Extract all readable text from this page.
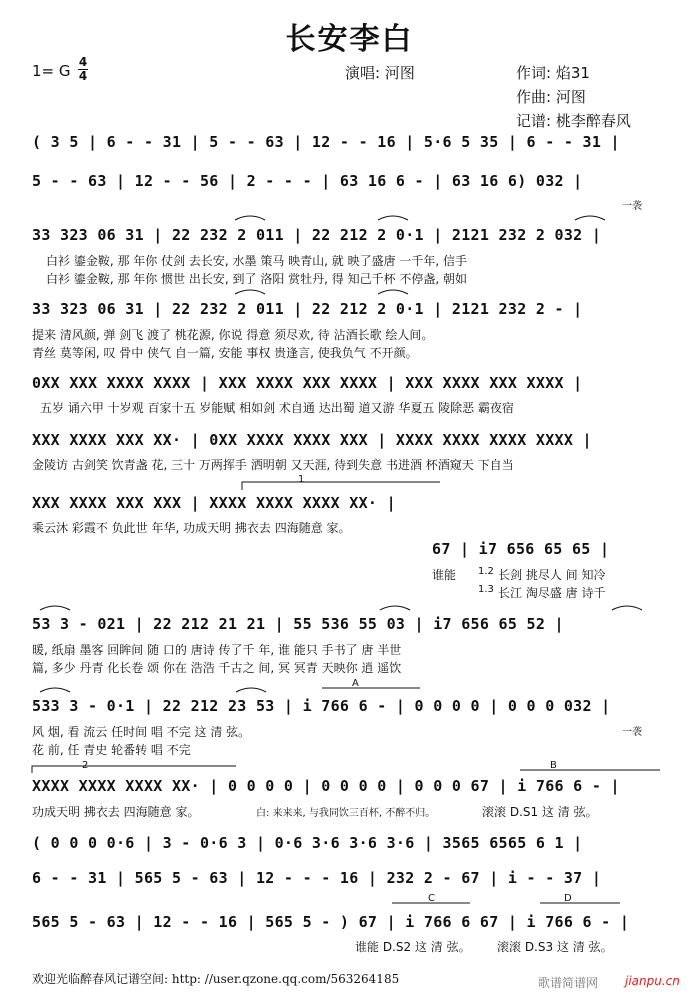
长安李白
1= G 4
4	演唱: 河图	作词: 焰31
作曲: 河图
记谱: 桃李醉春风
( 3 5 | 6 - - 31 | 5 - - 63 | 12 - - 16 | 5·6 5 35 | 6 - - 31 |
5 - - 63 | 12 - - 56 | 2 - - - | 63 16 6 - | 63 16 6) 032 |
一袭
33 323 06 31 | 22 232 2 011 | 22 212 2 0·1 | 2121 232 2 032 |
白衫 鎏金鞍, 那 年你 仗剑 去长安, 水墨 策马 映青山, 就 映了盛唐 一千年, 信手
白衫 鎏金鞍, 那 年你 惯世 出长安, 到了 洛阳 赏牡丹, 得 知己千杯 不停盏, 朝如
33 323 06 31 | 22 232 2 011 | 22 212 2 0·1 | 2121 232 2 - |
提来 清风颜, 弹 剑飞 渡了 桃花源, 你说 得意 须尽欢, 待 沾酒长歌 绘人间。
青丝 莫等闲, 叹 骨中 侠气 自一篇, 安能 事权 贵逢言, 使我负气 不开颜。
0XX XXX XXXX XXXX | XXX XXXX XXX XXXX | XXX XXXX XXX XXXX |
五岁 诵六甲 十岁观 百家十五 岁能赋 相如剑 术自通 达出蜀 道又游 华夏五 陵除恶 霸夜宿
XXX XXXX XXX XX· | 0XX XXXX XXXX XXX | XXXX XXXX XXXX XXXX |
金陵访 古剑笑 饮青盏 花, 三十 万两挥手 洒明朝 又天涯, 待到失意 书进酒 杯酒窥天 下自当
1
XXX XXXX XXX XXX | XXXX XXXX XXXX XX· |
乘云沐 彩霞不 负此世 年华, 功成天明 拂衣去 四海随意 家。
67 | i7 656 65 65 |
谁能 1.2 长剑 挑尽人 间 知冷
1.3 长江 淘尽盛 唐 诗千
53 3 - 021 | 22 212 21 21 | 55 536 55 03 | i7 656 65 52 |
暖, 纸扇 墨客 回眸间 随 口的 唐诗 传了千 年, 谁 能只 手书了 唐 半世
篇, 多少 丹青 化长卷 颂 你在 浩浩 千古之 间, 冥 冥青 天映你 逍 遥饮
A
533 3 - 0·1 | 22 212 23 53 | i 766 6 - | 0 0 0 0 | 0 0 0 032 |
风 烟, 看 流云 任时间 唱 不完 这 清 弦。	一袭
花 前, 任 青史 轮番转 唱 不完
2	B
XXXX XXXX XXXX XX· | 0 0 0 0 | 0 0 0 0 | 0 0 0 67 | i 766 6 - |
功成天明 拂衣去 四海随意 家。	白: 来来来, 与我同饮三百杯, 不醉不归。	滚滚 D.S1 这 清 弦。
( 0 0 0 0·6 | 3 - 0·6 3 | 0·6 3·6 3·6 3·6 | 3565 6565 6 1 |
6 - - 31 | 565 5 - 63 | 12 - - - 16 | 232 2 - 67 | i - - 37 |
C	D
565 5 - 63 | 12 - - 16 | 565 5 - ) 67 | i 766 6 67 | i 766 6 - |
谁能 D.S2 这 清 弦。 滚滚 D.S3 这 清 弦。
欢迎光临醉春风记谱空间: http: //user.qzone.qq.com/563264185	歌谱简谱网 jianpu.cn
